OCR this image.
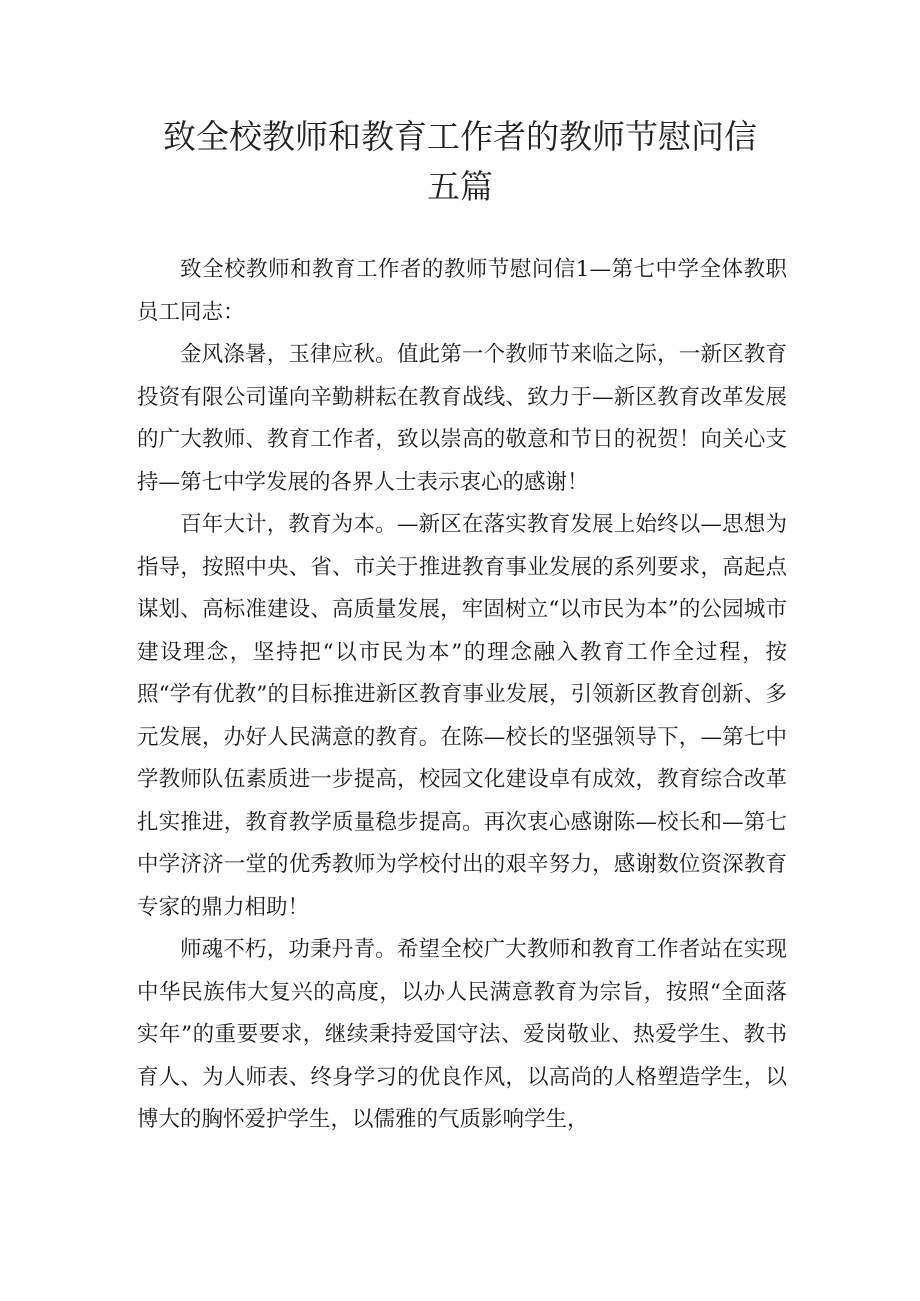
致全校教师和教育工作者的教师节慰问信
五篇

致全校教师和教育工作者的教师节慰问信1—第七中学全体教职员工同志：

金风涤暑，玉律应秋。值此第一个教师节来临之际，一新区教育投资有限公司谨向辛勤耕耘在教育战线、致力于—新区教育改革发展的广大教师、教育工作者，致以崇高的敬意和节日的祝贺！向关心支持—第七中学发展的各界人士表示衷心的感谢！

百年大计，教育为本。—新区在落实教育发展上始终以—思想为指导，按照中央、省、市关于推进教育事业发展的系列要求，高起点谋划、高标准建设、高质量发展，牢固树立“以市民为本”的公园城市建设理念，坚持把“以市民为本”的理念融入教育工作全过程，按照“学有优教”的目标推进新区教育事业发展，引领新区教育创新、多元发展，办好人民满意的教育。在陈—校长的坚强领导下，—第七中学教师队伍素质进一步提高，校园文化建设卓有成效，教育综合改革扎实推进，教育教学质量稳步提高。再次衷心感谢陈—校长和—第七中学济济一堂的优秀教师为学校付出的艰辛努力，感谢数位资深教育专家的鼎力相助！

师魂不朽，功秉丹青。希望全校广大教师和教育工作者站在实现中华民族伟大复兴的高度，以办人民满意教育为宗旨，按照“全面落实年”的重要要求，继续秉持爱国守法、爱岗敬业、热爱学生、教书育人、为人师表、终身学习的优良作风，以高尚的人格塑造学生，以博大的胸怀爱护学生，以儒雅的气质影响学生，
